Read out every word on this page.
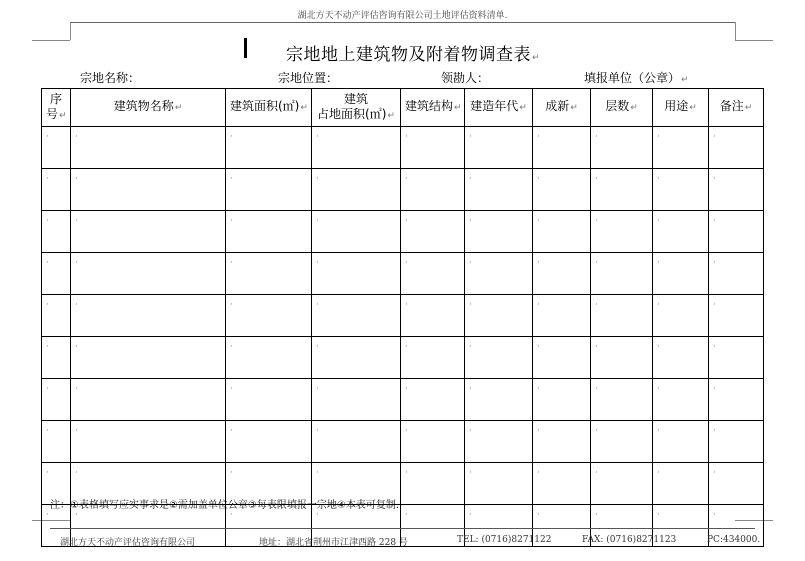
湖北方天不动产评估咨询有限公司土地评估资料清单.
宗地地上建筑物及附着物调查表↵
宗地名称：	宗地位置：	领勘人：	填报单位（公章）↵
序
号↵	建筑物名称↵	建筑面积(㎡)↵	建筑
占地面积(㎡)↵	建筑结构↵	建造年代↵	成新↵	层数↵	用途↵	备注↵
·	·	·	·	·	·	·	·	·	·
·	·	·	·	·	·	·	·	·	·
·	·	·	·	·	·	·	·	·	·
·	·	·	·	·	·	·	·	·	·
·	·	·	·	·	·	·	·	·	·
·	·	·	·	·	·	·	·	·	·
·	·	·	·	·	·	·	·	·	·
·	·	·	·	·	·	·	·	·	·
·	·	·	·	·	·	·	·	·	·
·	·	·	·	·	·	·	·	·	·
注：①表格填写应实事求是②需加盖单位公章③每表限填报一宗地④本表可复制.
湖北方天不动产评估咨询有限公司	地址：湖北省荆州市江津西路 228 号	TEL: (0716)8271122	FAX: (0716)8271123	PC:434000.
